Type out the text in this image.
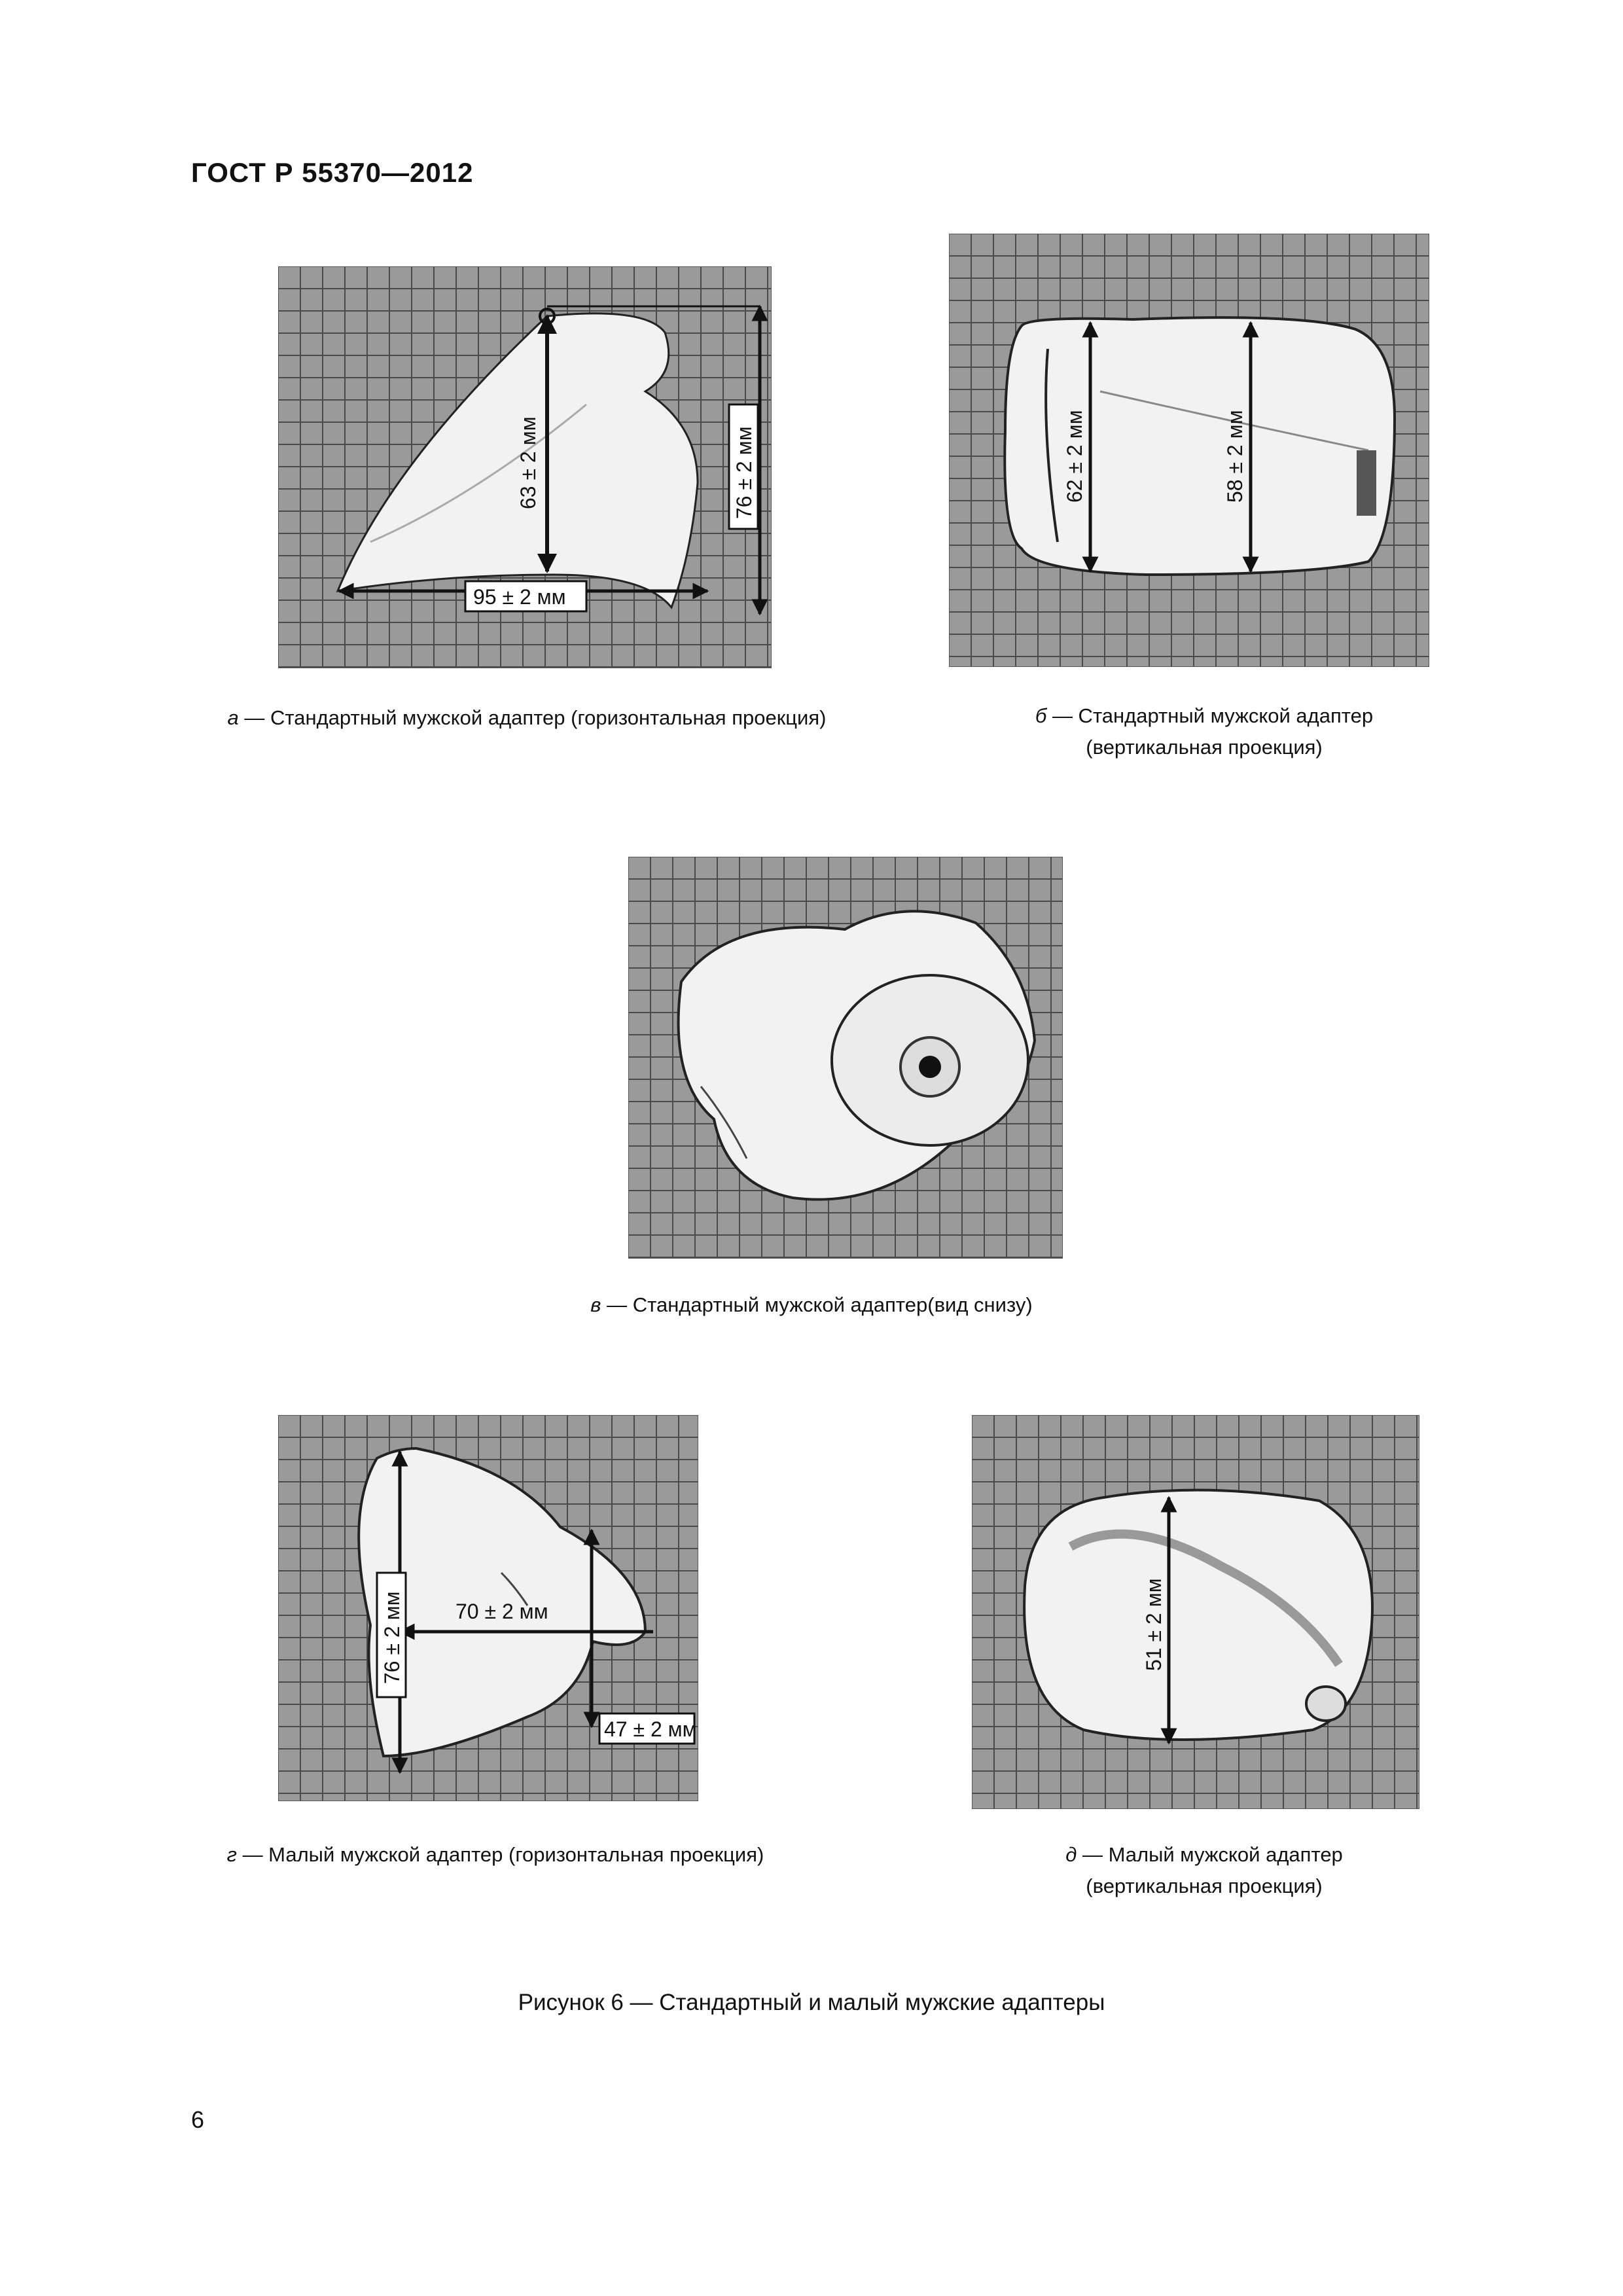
ГОСТ Р 55370—2012
63 ± 2 мм	76 ± 2 мм
95 ± 2 мм
62 ± 2 мм	58 ± 2 мм
а — Стандартный мужской адаптер (горизонтальная проекция)	б — Стандартный мужской адаптер
(вертикальная проекция)
в — Стандартный мужской адаптер(вид снизу)
70 ± 2 мм
76 ± 2 мм
47 ± 2 мм
51 ± 2 мм
г — Малый мужской адаптер (горизонтальная проекция)	д — Малый мужской адаптер
(вертикальная проекция)
Рисунок 6 — Стандартный и малый мужские адаптеры
6
